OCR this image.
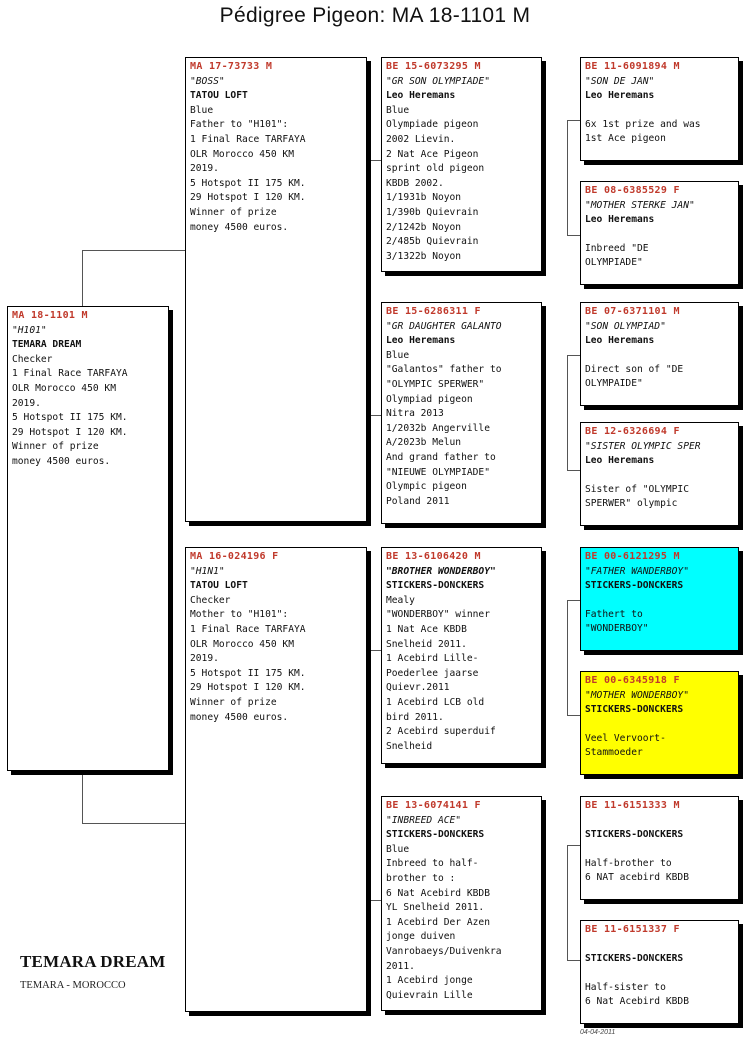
Pédigree Pigeon: MA 18-1101 M
MA 18-1101 M
"H101"
TEMARA DREAM
Checker
1 Final Race TARFAYA
OLR Morocco 450 KM
2019.
5 Hotspot II 175 KM.
29 Hotspot I 120 KM.
Winner of prize
money 4500 euros.
MA 17-73733 M
"BOSS"
TATOU LOFT
Blue
Father to "H101":
1 Final Race TARFAYA
OLR Morocco 450 KM
2019.
5 Hotspot II 175 KM.
29 Hotspot I 120 KM.
Winner of prize
money 4500 euros.
MA 16-024196 F
"H1N1"
TATOU LOFT
Checker
Mother to "H101":
1 Final Race TARFAYA
OLR Morocco 450 KM
2019.
5 Hotspot II 175 KM.
29 Hotspot I 120 KM.
Winner of prize
money 4500 euros.
BE 15-6073295 M
"GR SON OLYMPIADE"
Leo Heremans
Blue
Olympiade pigeon
2002 Lievin.
2 Nat Ace Pigeon
sprint old pigeon
KBDB 2002.
1/1931b Noyon
1/390b Quievrain
2/1242b Noyon
2/485b Quievrain
3/1322b Noyon
BE 15-6286311 F
"GR DAUGHTER GALANTO
Leo Heremans
Blue
"Galantos" father to
"OLYMPIC SPERWER"
Olympiad pigeon
Nitra 2013
1/2032b Angerville
A/2023b Melun
And grand father to
"NIEUWE OLYMPIADE"
Olympic pigeon
Poland 2011
BE 13-6106420 M
"BROTHER WONDERBOY"
STICKERS-DONCKERS
Mealy
"WONDERBOY" winner
1 Nat Ace KBDB
Snelheid 2011.
1 Acebird Lille-
Poederlee jaarse
Quievr.2011
1 Acebird LCB old
bird 2011.
2 Acebird superduif
Snelheid
BE 13-6074141 F
"INBREED ACE"
STICKERS-DONCKERS
Blue
Inbreed to half-
brother to :
6 Nat Acebird KBDB
YL Snelheid 2011.
1 Acebird Der Azen
jonge duiven
Vanrobaeys/Duivenkra
2011.
1 Acebird jonge
Quievrain Lille
BE 11-6091894 M
"SON DE JAN"
Leo Heremans
6x 1st prize and was
1st Ace pigeon
BE 08-6385529 F
"MOTHER STERKE JAN"
Leo Heremans
Inbreed "DE
OLYMPIADE"
BE 07-6371101 M
"SON OLYMPIAD"
Leo Heremans
Direct son of "DE
OLYMPAIDE"
BE 12-6326694 F
"SISTER OLYMPIC SPER
Leo Heremans
Sister of "OLYMPIC
SPERWER" olympic
BE 00-6121295 M
"FATHER WANDERBOY"
STICKERS-DONCKERS
Fathert to
"WONDERBOY"
BE 00-6345918 F
"MOTHER WONDERBOY"
STICKERS-DONCKERS
Veel Vervoort-
Stammoeder
BE 11-6151333 M
STICKERS-DONCKERS
Half-brother to
6 NAT acebird KBDB
BE 11-6151337 F
STICKERS-DONCKERS
Half-sister to
6 Nat Acebird KBDB
TEMARA DREAM
TEMARA - MOROCCO
04-04-2011
